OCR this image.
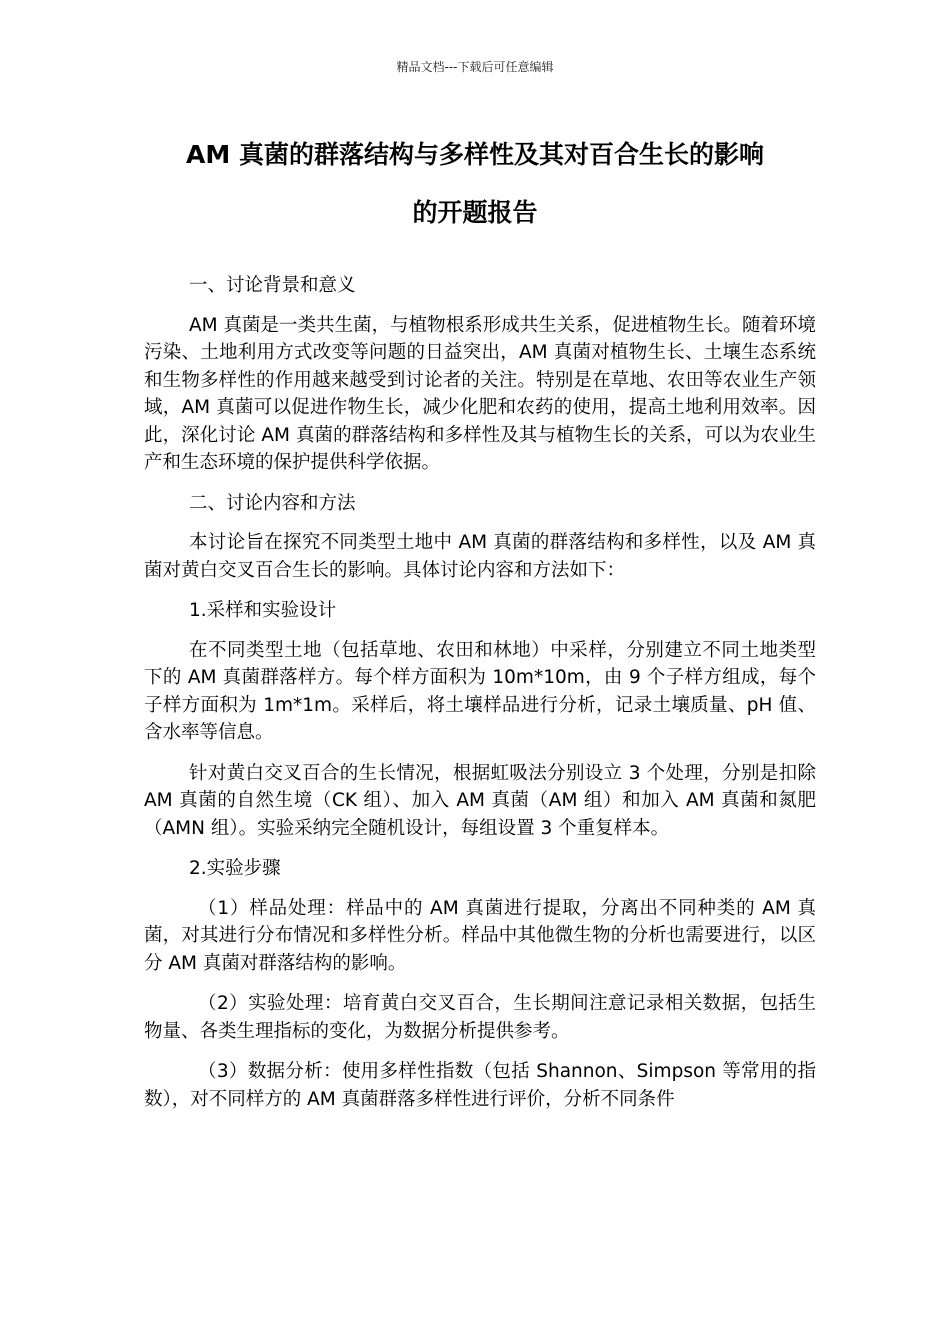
精品文档---下载后可任意编辑
AM 真菌的群落结构与多样性及其对百合生长的影响
的开题报告

一、讨论背景和意义

AM 真菌是一类共生菌，与植物根系形成共生关系，促进植物生长。随着环境污染、土地利用方式改变等问题的日益突出，AM 真菌对植物生长、土壤生态系统和生物多样性的作用越来越受到讨论者的关注。特别是在草地、农田等农业生产领域，AM 真菌可以促进作物生长，减少化肥和农药的使用，提高土地利用效率。因此，深化讨论 AM 真菌的群落结构和多样性及其与植物生长的关系，可以为农业生产和生态环境的保护提供科学依据。

二、讨论内容和方法

本讨论旨在探究不同类型土地中 AM 真菌的群落结构和多样性，以及 AM 真菌对黄白交叉百合生长的影响。具体讨论内容和方法如下：

1.采样和实验设计

在不同类型土地（包括草地、农田和林地）中采样，分别建立不同土地类型下的 AM 真菌群落样方。每个样方面积为 10m*10m，由 9 个子样方组成，每个子样方面积为 1m*1m。采样后，将土壤样品进行分析，记录土壤质量、pH 值、含水率等信息。

针对黄白交叉百合的生长情况，根据虹吸法分别设立 3 个处理，分别是扣除 AM 真菌的自然生境（CK 组）、加入 AM 真菌（AM 组）和加入 AM 真菌和氮肥（AMN 组）。实验采纳完全随机设计，每组设置 3 个重复样本。

2.实验步骤

（1）样品处理：样品中的 AM 真菌进行提取，分离出不同种类的 AM 真菌，对其进行分布情况和多样性分析。样品中其他微生物的分析也需要进行，以区分 AM 真菌对群落结构的影响。

（2）实验处理：培育黄白交叉百合，生长期间注意记录相关数据，包括生物量、各类生理指标的变化，为数据分析提供参考。

（3）数据分析：使用多样性指数（包括 Shannon、Simpson 等常用的指数），对不同样方的 AM 真菌群落多样性进行评价，分析不同条件
